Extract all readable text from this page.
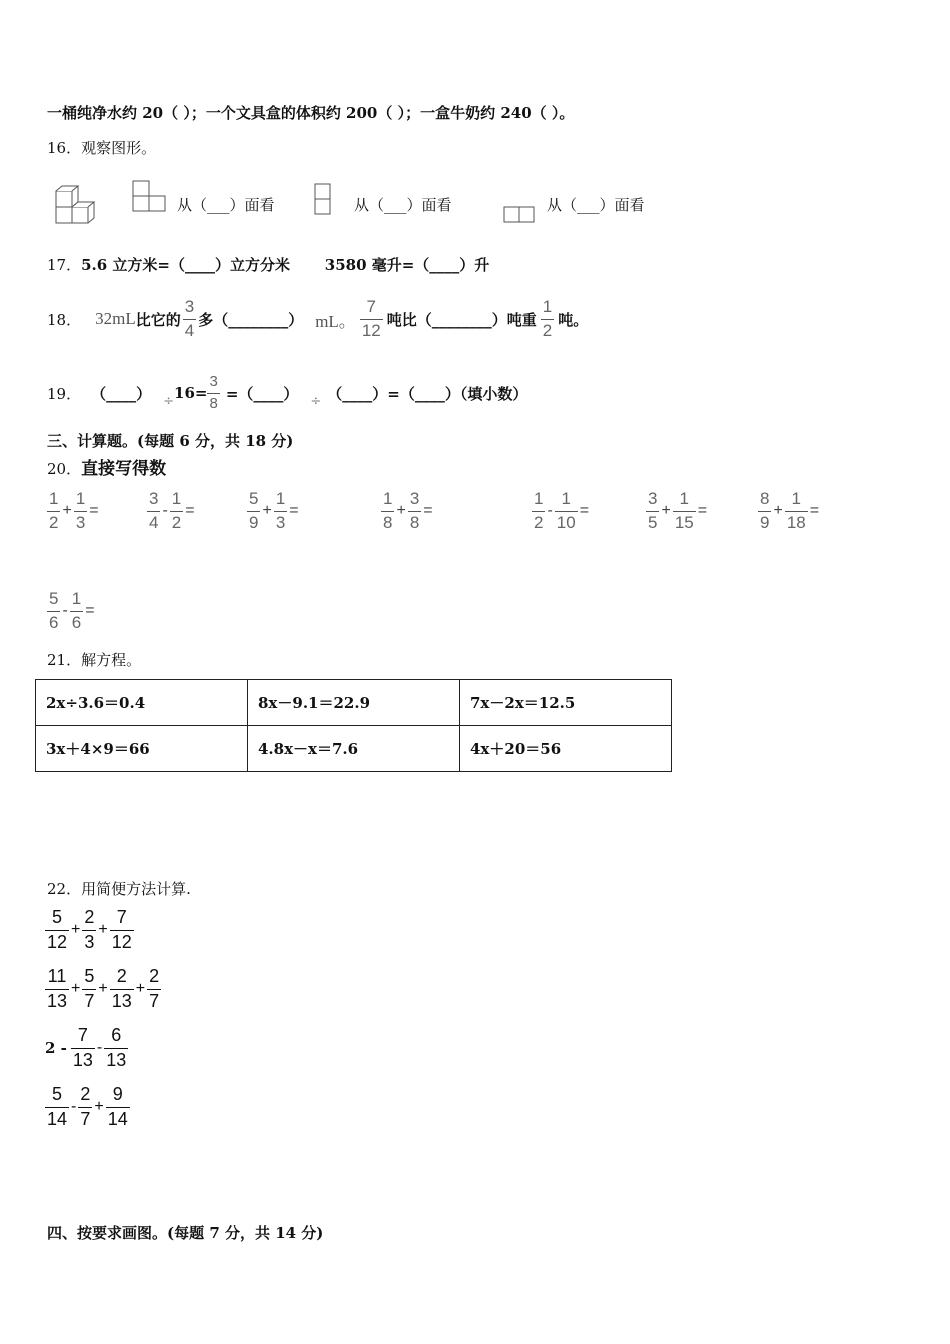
一桶纯净水约 20（ ）；一个文具盒的体积约 200（ ）；一盒牛奶约 240（ ）。
16．观察图形。
从（___）面看	从（___）面看	从（___）面看
17．5.6 立方米=（____）立方分米 3580 毫升=（____）升
18． 32mL 比它的 $\frac{3}{4}$ 多（________） mL。 $\frac{7}{12}$ 吨比（________）吨重 $\frac{1}{2}$ 吨。
19． （____） ÷ $16= \frac{3}{8}$ =（____） ÷ （____）=（____）（填小数）
三、计算题。(每题 6 分，共 18 分)
20．直接写得数
$\frac{1}{2} + \frac{1}{3}$ =	$\frac{3}{4} - \frac{1}{2}$ =	$\frac{5}{9} + \frac{1}{3}$ =	$\frac{1}{8} + \frac{3}{8}$ =	$\frac{1}{2} - \frac{1}{10}$ =	$\frac{3}{5} + \frac{1}{15}$ =	$\frac{8}{9} + \frac{1}{18}$ =
$\frac{5}{6} - \frac{1}{6}$ =
21．解方程。
2x÷3.6＝0.4	8x－9.1＝22.9	7x－2x＝12.5
3x＋4×9＝66	4.8x－x＝7.6	4x＋20＝56
22．用简便方法计算.
$\frac{5}{12} + \frac{2}{3} + \frac{7}{12}$
$\frac{11}{13} + \frac{5}{7} + \frac{2}{13} + \frac{2}{7}$
$2 - \frac{7}{13} - \frac{6}{13}$
$\frac{5}{14} - \frac{2}{7} + \frac{9}{14}$
四、按要求画图。(每题 7 分，共 14 分)
